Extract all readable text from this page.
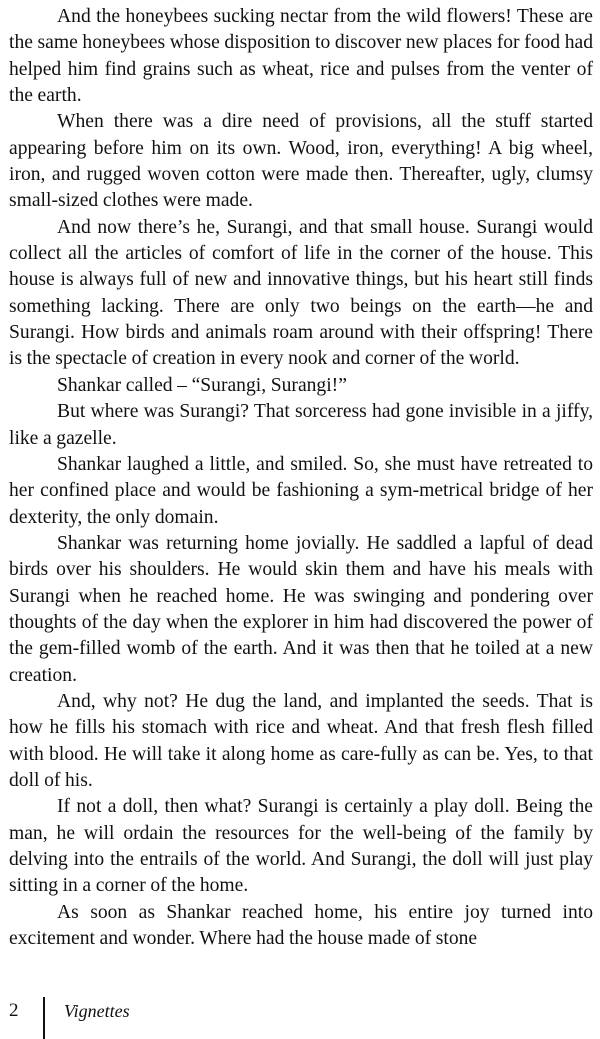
And the honeybees sucking nectar from the wild flowers! These are the same honeybees whose disposition to discover new places for food had helped him find grains such as wheat, rice and pulses from the venter of the earth.

When there was a dire need of provisions, all the stuff started appearing before him on its own. Wood, iron, everything! A big wheel, iron, and rugged woven cotton were made then. Thereafter, ugly, clumsy small-sized clothes were made.

And now there’s he, Surangi, and that small house. Surangi would collect all the articles of comfort of life in the corner of the house. This house is always full of new and innovative things, but his heart still finds something lacking. There are only two beings on the earth—he and Surangi. How birds and animals roam around with their offspring! There is the spectacle of creation in every nook and corner of the world.

Shankar called – “Surangi, Surangi!”

But where was Surangi? That sorceress had gone invisible in a jiffy, like a gazelle.

Shankar laughed a little, and smiled. So, she must have retreated to her confined place and would be fashioning a sym-metrical bridge of her dexterity, the only domain.

Shankar was returning home jovially. He saddled a lapful of dead birds over his shoulders. He would skin them and have his meals with Surangi when he reached home. He was swinging and pondering over thoughts of the day when the explorer in him had discovered the power of the gem-filled womb of the earth. And it was then that he toiled at a new creation.

And, why not? He dug the land, and implanted the seeds. That is how he fills his stomach with rice and wheat. And that fresh flesh filled with blood. He will take it along home as care-fully as can be. Yes, to that doll of his.

If not a doll, then what? Surangi is certainly a play doll. Being the man, he will ordain the resources for the well-being of the family by delving into the entrails of the world. And Surangi, the doll will just play sitting in a corner of the home.

As soon as Shankar reached home, his entire joy turned into excitement and wonder. Where had the house made of stone

2	Vignettes
